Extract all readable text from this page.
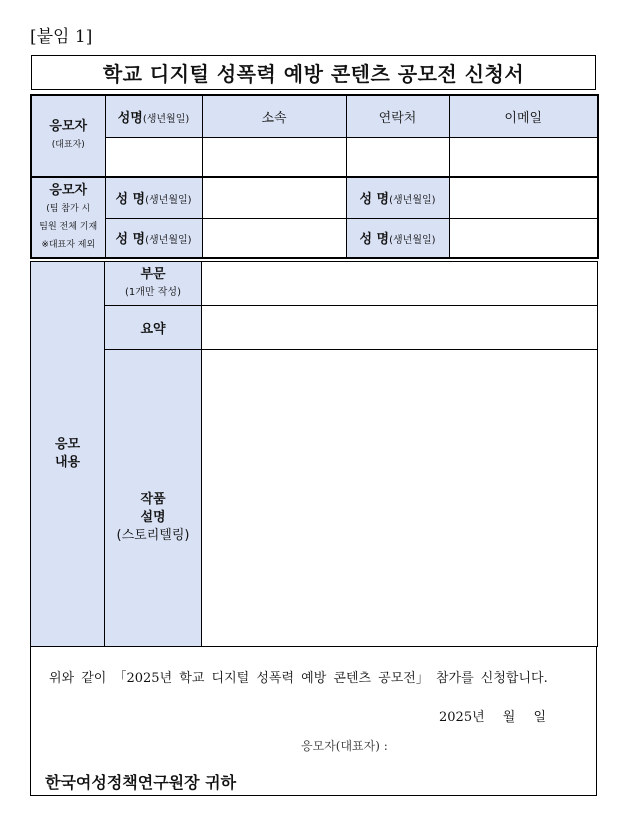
[붙임 1]
학교 디지털 성폭력 예방 콘텐츠 공모전 신청서
응모자
(대표자)	성명(생년월일)	소속	연락처	이메일

응모자
(팀 참가 시
팀원 전체 기재
※대표자 제외	성 명(생년월일)		성 명(생년월일)	
	성 명(생년월일)		성 명(생년월일)	
응모
내용	부문
(1개만 작성)	

	요약	

	작품
설명
(스토리텔링)	

위와 같이 「2025년 학교 디지털 성폭력 예방 콘텐츠 공모전」 참가를 신청합니다.
2025년 월 일
응모자(대표자) :
한국여성정책연구원장 귀하
